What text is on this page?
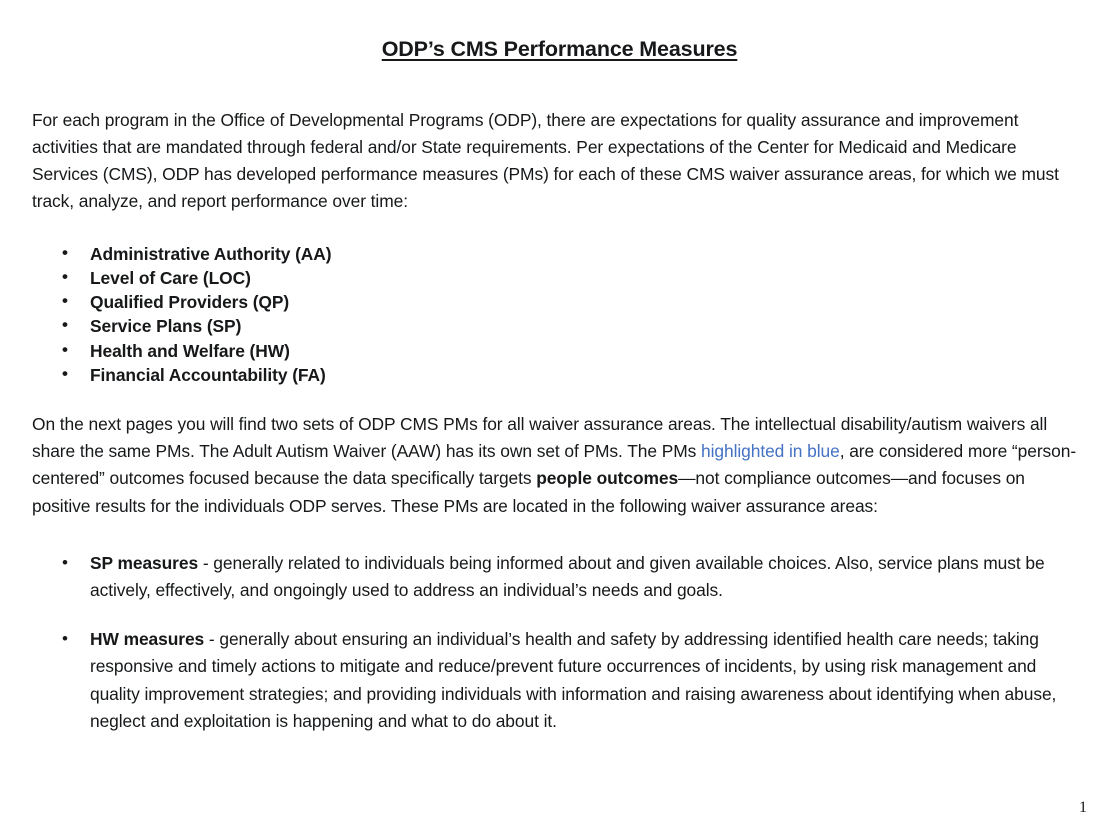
ODP’s CMS Performance Measures

For each program in the Office of Developmental Programs (ODP), there are expectations for quality assurance and improvement activities that are mandated through federal and/or State requirements. Per expectations of the Center for Medicaid and Medicare Services (CMS), ODP has developed performance measures (PMs) for each of these CMS waiver assurance areas, for which we must track, analyze, and report performance over time:

• Administrative Authority (AA)
• Level of Care (LOC)
• Qualified Providers (QP)
• Service Plans (SP)
• Health and Welfare (HW)
• Financial Accountability (FA)

On the next pages you will find two sets of ODP CMS PMs for all waiver assurance areas. The intellectual disability/autism waivers all share the same PMs. The Adult Autism Waiver (AAW) has its own set of PMs. The PMs highlighted in blue, are considered more “person-centered” outcomes focused because the data specifically targets people outcomes—not compliance outcomes—and focuses on positive results for the individuals ODP serves. These PMs are located in the following waiver assurance areas:

• SP measures - generally related to individuals being informed about and given available choices. Also, service plans must be actively, effectively, and ongoingly used to address an individual’s needs and goals.
• HW measures - generally about ensuring an individual’s health and safety by addressing identified health care needs; taking responsive and timely actions to mitigate and reduce/prevent future occurrences of incidents, by using risk management and quality improvement strategies; and providing individuals with information and raising awareness about identifying when abuse, neglect and exploitation is happening and what to do about it.
1
